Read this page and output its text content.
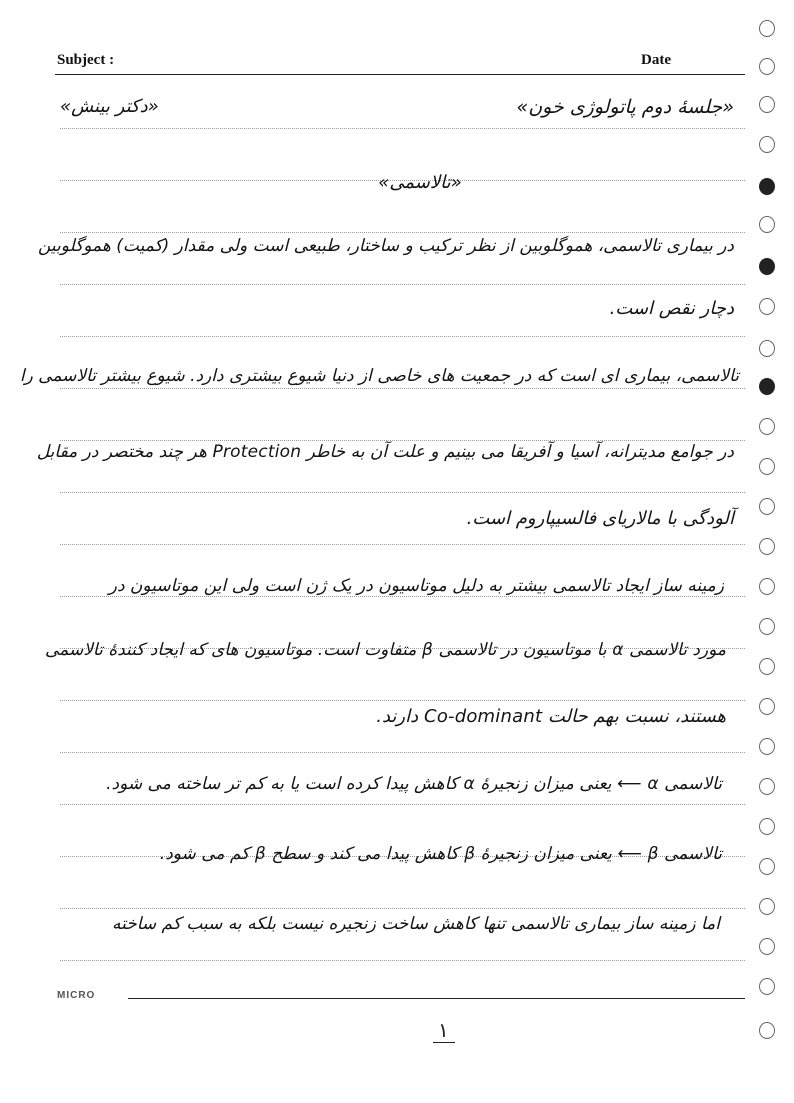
Subject :	Date
«دکتر بینش»	«جلسهٔ دوم پاتولوژی خون»
«تالاسمی»
در بیماری تالاسمی، هموگلوبین از نظر ترکیب و ساختار، طبیعی است ولی مقدار (کمیت) هموگلوبین
دچار نقص است.
تالاسمی، بیماری ای است که در جمعیت های خاصی از دنیا شیوع بیشتری دارد. شیوع بیشتر تالاسمی را
در جوامع مدیترانه، آسیا و آفریقا می بینیم و علت آن به خاطر Protection هر چند مختصر در مقابل
آلودگی با مالاریای فالسیپاروم است.
زمینه ساز ایجاد تالاسمی بیشتر به دلیل موتاسیون در یک ژن است ولی این موتاسیون در
مورد تالاسمی α با موتاسیون در تالاسمی β متفاوت است. موتاسیون های که ایجاد کنندهٔ تالاسمی
هستند، نسبت بهم حالت Co-dominant دارند.
تالاسمی α ⟵ یعنی میزان زنجیرهٔ α کاهش پیدا کرده است یا به کم تر ساخته می شود.
تالاسمی β ⟵ یعنی میزان زنجیرهٔ β کاهش پیدا می کند و سطح β کم می شود.
اما زمینه ساز بیماری تالاسمی تنها کاهش ساخت زنجیره نیست بلکه به سبب کم ساخته
MICRO
۱
